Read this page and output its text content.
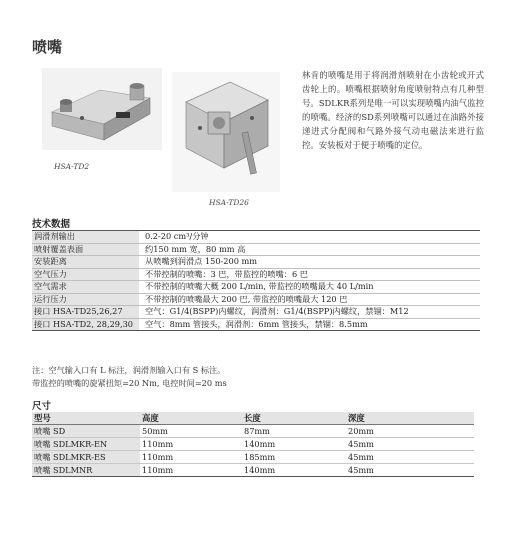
喷嘴
HSA-TD2
HSA-TD26
林肯的喷嘴是用于将润滑剂喷射在小齿轮或开式齿轮上的。喷嘴根据喷射角度喷射特点有几种型号。SDLKR系列是唯一可以实现喷嘴内油气监控的喷嘴。经济的SD系列喷嘴可以通过在油路外接递进式分配阀和气路外接气动电磁法来进行监控。安装板对于便于喷嘴的定位。
技术数据
润滑剂输出	0.2-20 cm³/分钟
喷射覆盖表面	约150 mm 宽，80 mm 高
安装距离	从喷嘴到润滑点 150-200 mm
空气压力	不带控制的喷嘴：3 巴，带监控的喷嘴：6 巴
空气需求	不带控制的喷嘴大概 200 L/min, 带监控的喷嘴最大 40 L/min
运行压力	不带控制的喷嘴最大 200 巴, 带监控的喷嘴最大 120 巴
接口 HSA-TD25,26,27	空气：G1/4(BSPP)内螺纹，润滑剂：G1/4(BSPP)内螺纹，禁锢：M12
接口 HSA-TD2, 28,29,30	空气：8mm 管接头，润滑剂：6mm 管接头，禁锢：8.5mm
注：空气输入口有 L 标注，润滑剂输入口有 S 标注。
带监控的喷嘴的旋紧扭矩=20 Nm, 电控时间=20 ms
尺寸
型号	高度	长度	深度
喷嘴 SD	50mm	87mm	20mm
喷嘴 SDLMKR-EN	110mm	140mm	45mm
喷嘴 SDLMKR-ES	110mm	185mm	45mm
喷嘴 SDLMNR	110mm	140mm	45mm
